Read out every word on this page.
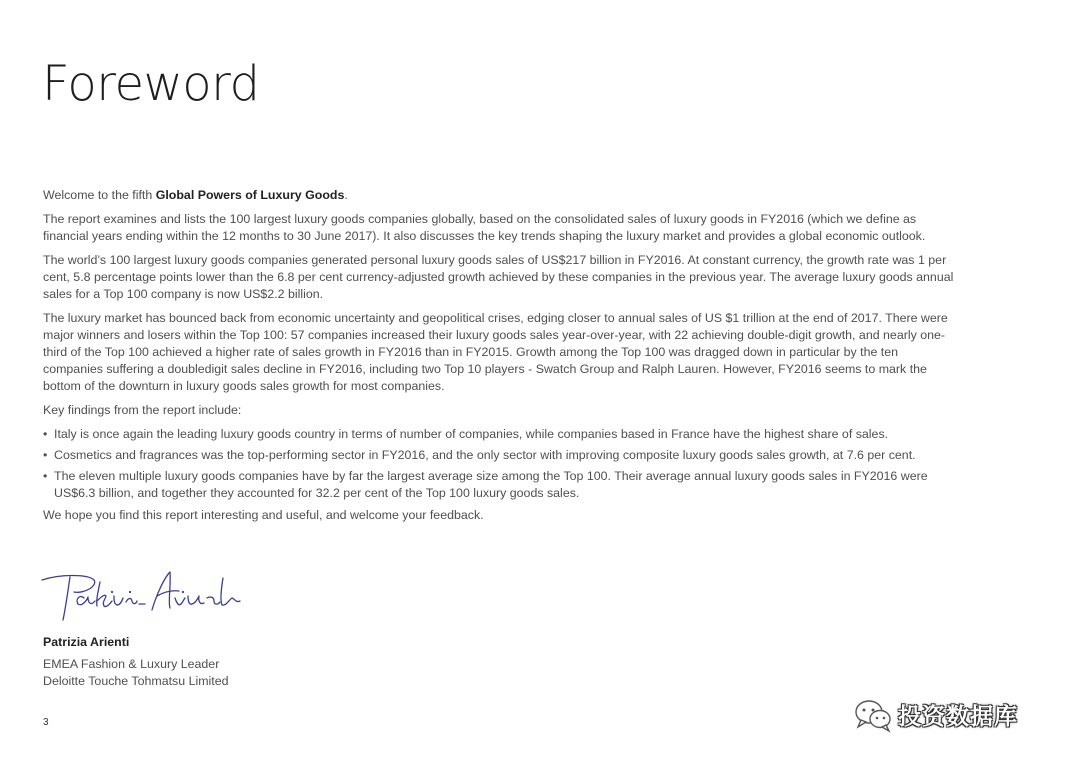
Foreword

Welcome to the fifth Global Powers of Luxury Goods.

The report examines and lists the 100 largest luxury goods companies globally, based on the consolidated sales of luxury goods in FY2016 (which we define as financial years ending within the 12 months to 30 June 2017). It also discusses the key trends shaping the luxury market and provides a global economic outlook.

The world’s 100 largest luxury goods companies generated personal luxury goods sales of US$217 billion in FY2016. At constant currency, the growth rate was 1 per cent, 5.8 percentage points lower than the 6.8 per cent currency-adjusted growth achieved by these companies in the previous year. The average luxury goods annual sales for a Top 100 company is now US$2.2 billion.

The luxury market has bounced back from economic uncertainty and geopolitical crises, edging closer to annual sales of US $1 trillion at the end of 2017. There were major winners and losers within the Top 100: 57 companies increased their luxury goods sales year-over-year, with 22 achieving double-digit growth, and nearly one-third of the Top 100 achieved a higher rate of sales growth in FY2016 than in FY2015. Growth among the Top 100 was dragged down in particular by the ten companies suffering a doubledigit sales decline in FY2016, including two Top 10 players - Swatch Group and Ralph Lauren. However, FY2016 seems to mark the bottom of the downturn in luxury goods sales growth for most companies.

Key findings from the report include:

• Italy is once again the leading luxury goods country in terms of number of companies, while companies based in France have the highest share of sales.
• Cosmetics and fragrances was the top-performing sector in FY2016, and the only sector with improving composite luxury goods sales growth, at 7.6 per cent.
• The eleven multiple luxury goods companies have by far the largest average size among the Top 100. Their average annual luxury goods sales in FY2016 were US$6.3 billion, and together they accounted for 32.2 per cent of the Top 100 luxury goods sales.

We hope you find this report interesting and useful, and welcome your feedback.

Patrizia Arienti
EMEA Fashion & Luxury Leader
Deloitte Touche Tohmatsu Limited
3	投资数据库
